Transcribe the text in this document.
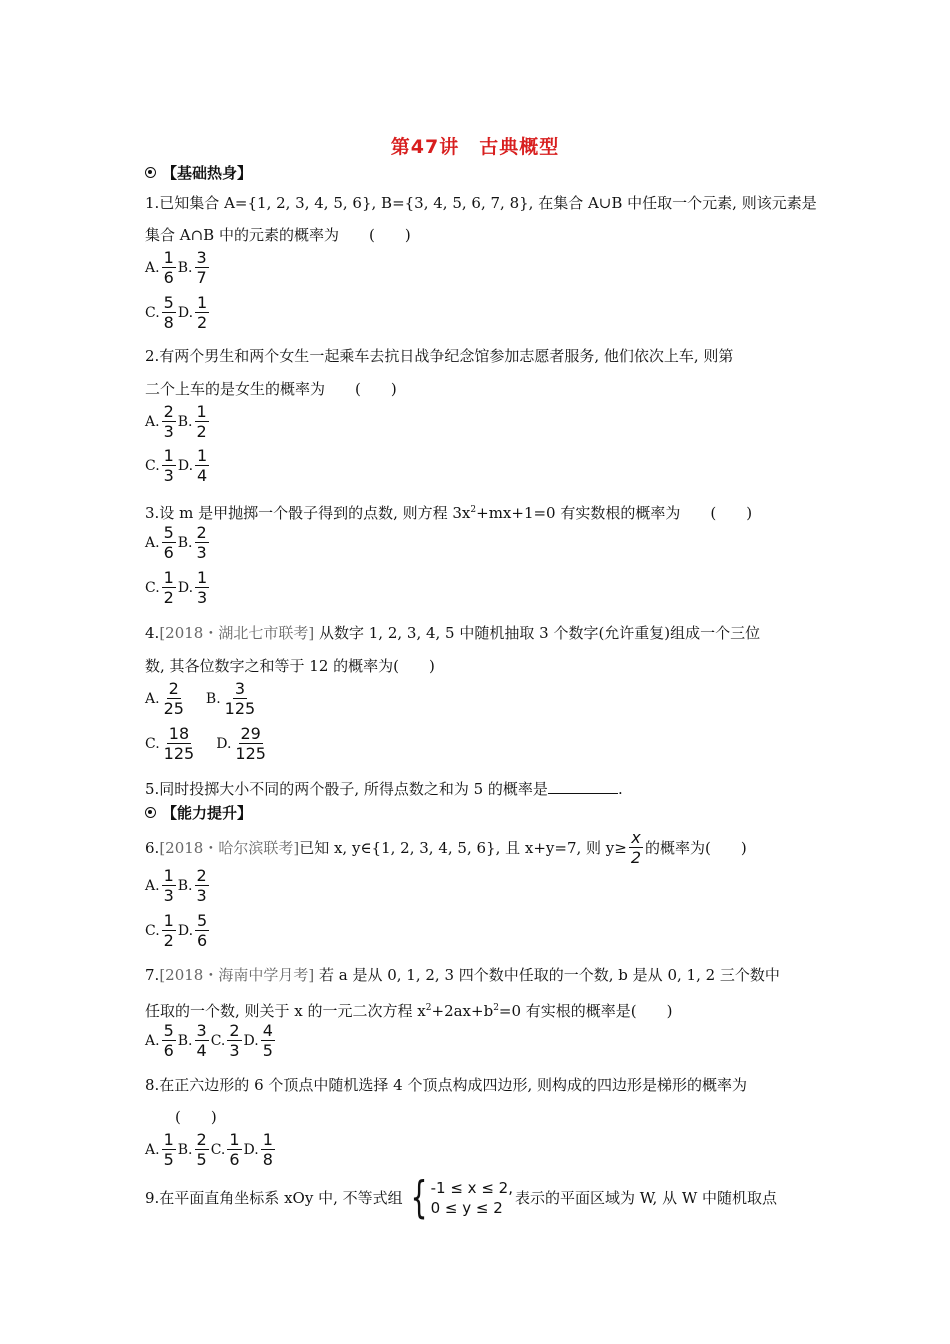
第47讲　古典概型
【基础热身】
1.已知集合 A={1, 2, 3, 4, 5, 6}, B={3, 4, 5, 6, 7, 8}, 在集合 A∪B 中任取一个元素, 则该元素是
集合 A∩B 中的元素的概率为　　(　　)
A. $\frac{1}{6} B$. $\frac{3}{7}$
C. $\frac{5}{8} D$. $\frac{1}{2}$
2.有两个男生和两个女生一起乘车去抗日战争纪念馆参加志愿者服务, 他们依次上车, 则第
二个上车的是女生的概率为　　(　　)
A. $\frac{2}{3} B$. $\frac{1}{2}$
C. $\frac{1}{3} D$. $\frac{1}{4}$
3.设 m 是甲抛掷一个骰子得到的点数, 则方程 $3x^2+mx+1=0$ 有实数根的概率为　　(　　)
A. $\frac{5}{6} B$. $\frac{2}{3}$
C. $\frac{1}{2} D$. $\frac{1}{3}$
4.[2018・湖北七市联考] 从数字 1, 2, 3, 4, 5 中随机抽取 3 个数字(允许重复)组成一个三位
数, 其各位数字之和等于 12 的概率为(　　)
A. $\frac{2}{25} B$. $\frac{3}{125}$
C. $\frac{18}{125} D$. $\frac{29}{125}$
5.同时投掷大小不同的两个骰子, 所得点数之和为 5 的概率是	.
【能力提升】
6. [2018・哈尔滨联考] 已知 x, y∈{1, 2, 3, 4, 5, 6}, 且 x+y=7, 则 $y\ge \frac{x}{2}$ 的概率为(　　)
A. $\frac{1}{3} B$. $\frac{2}{3}$
C. $\frac{1}{2} D$. $\frac{5}{6}$
7.[2018・海南中学月考] 若 a 是从 0, 1, 2, 3 四个数中任取的一个数, b 是从 0, 1, 2 三个数中
任取的一个数, 则关于 x 的一元二次方程 $x^2+2ax+b^2=0$ 有实根的概率是(　　)
A. $\frac{5}{6} B$. $\frac{3}{4} C$. $\frac{2}{3} D$. $\frac{4}{5}$
8.在正六边形的 6 个顶点中随机选择 4 个顶点构成四边形, 则构成的四边形是梯形的概率为
(　　)
A. $\frac{1}{5} B$. $\frac{2}{5} C$. $\frac{1}{6} D$. $\frac{1}{8}$
9.在平面直角坐标系 xOy 中, 不等式组 { -1 ≤ x ≤ 2,
0 ≤ y ≤ 2
表示的平面区域为 W, 从 W 中随机取点
